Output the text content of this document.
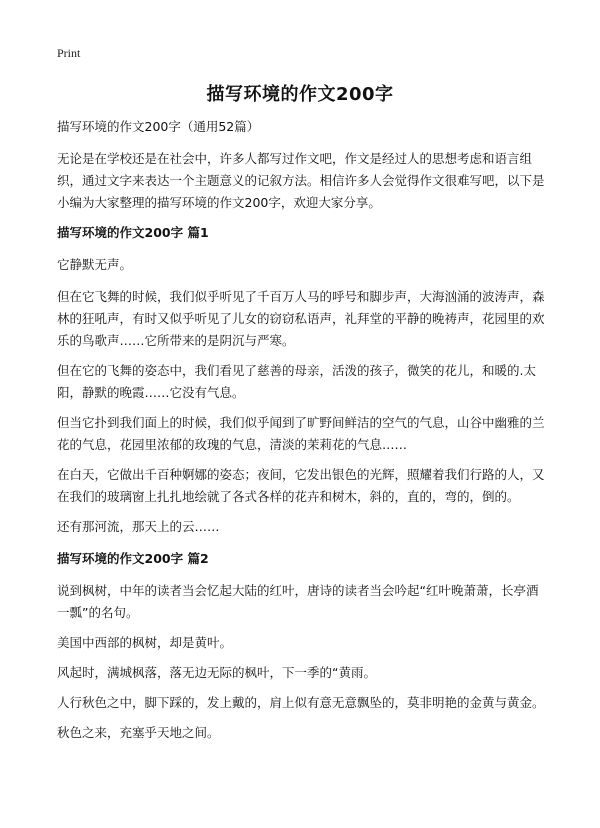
Print
描写环境的作文200字

描写环境的作文200字（通用52篇）

无论是在学校还是在社会中，许多人都写过作文吧，作文是经过人的思想考虑和语言组织，通过文字来表达一个主题意义的记叙方法。相信许多人会觉得作文很难写吧，以下是小编为大家整理的描写环境的作文200字，欢迎大家分享。

描写环境的作文200字 篇1

它静默无声。

但在它飞舞的时候，我们似乎听见了千百万人马的呼号和脚步声，大海汹涌的波涛声，森林的狂吼声，有时又似乎听见了儿女的窃窃私语声，礼拜堂的平静的晚祷声，花园里的欢乐的鸟歌声……它所带来的是阴沉与严寒。

但在它的飞舞的姿态中，我们看见了慈善的母亲，活泼的孩子，微笑的花儿，和暖的.太阳，静默的晚霞……它没有气息。

但当它扑到我们面上的时候，我们似乎闻到了旷野间鲜洁的空气的气息，山谷中幽雅的兰花的气息，花园里浓郁的玫瑰的气息，清淡的茉莉花的气息……

在白天，它做出千百种婀娜的姿态；夜间，它发出银色的光辉，照耀着我们行路的人，又在我们的玻璃窗上扎扎地绘就了各式各样的花卉和树木，斜的，直的，弯的，倒的。

还有那河流，那天上的云……

描写环境的作文200字 篇2

说到枫树，中年的读者当会忆起大陆的红叶，唐诗的读者当会吟起“红叶晚萧萧，长亭酒一瓢”的名句。

美国中西部的枫树，却是黄叶。

风起时，满城枫落，落无边无际的枫叶，下一季的“黄雨。

人行秋色之中，脚下踩的，发上戴的，肩上似有意无意飘坠的，莫非明艳的金黄与黄金。

秋色之来，充塞乎天地之间。
